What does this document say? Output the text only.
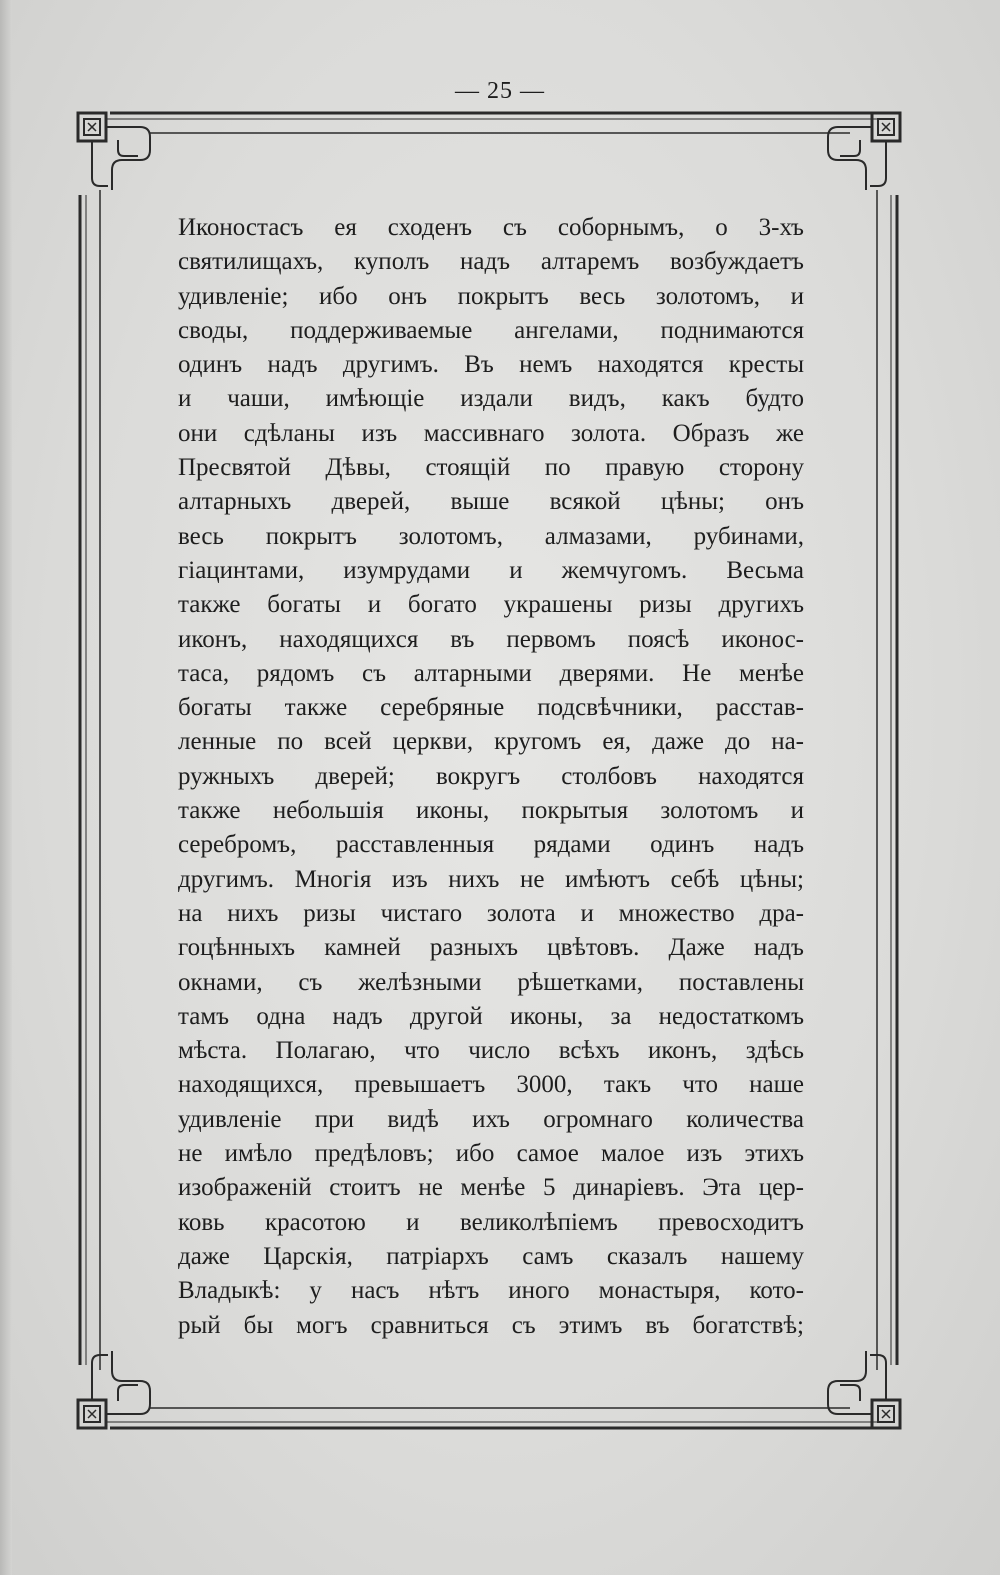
— 25 —
Иконостасъ ея сходенъ съ соборнымъ, о 3-хъ
святилищахъ, куполъ надъ алтаремъ возбуждаетъ
удивленіе; ибо онъ покрытъ весь золотомъ, и
своды, поддерживаемые ангелами, поднимаются
одинъ надъ другимъ. Въ немъ находятся кресты
и чаши, имѣющіе издали видъ, какъ будто
они сдѣланы изъ массивнаго золота. Образъ же
Пресвятой Дѣвы, стоящій по правую сторону
алтарныхъ дверей, выше всякой цѣны; онъ
весь покрытъ золотомъ, алмазами, рубинами,
гіацинтами, изумрудами и жемчугомъ. Весьма
также богаты и богато украшены ризы другихъ
иконъ, находящихся въ первомъ поясѣ иконос-
таса, рядомъ съ алтарными дверями. Не менѣе
богаты также серебряные подсвѣчники, расстав-
ленные по всей церкви, кругомъ ея, даже до на-
ружныхъ дверей; вокругъ столбовъ находятся
также небольшія иконы, покрытыя золотомъ и
серебромъ, расставленныя рядами одинъ надъ
другимъ. Многія изъ нихъ не имѣютъ себѣ цѣны;
на нихъ ризы чистаго золота и множество дра-
гоцѣнныхъ камней разныхъ цвѣтовъ. Даже надъ
окнами, съ желѣзными рѣшетками, поставлены
тамъ одна надъ другой иконы, за недостаткомъ
мѣста. Полагаю, что число всѣхъ иконъ, здѣсь
находящихся, превышаетъ 3000, такъ что наше
удивленіе при видѣ ихъ огромнаго количества
не имѣло предѣловъ; ибо самое малое изъ этихъ
изображеній стоитъ не менѣе 5 динаріевъ. Эта цер-
ковь красотою и великолѣпіемъ превосходитъ
даже Царскія, патріархъ самъ сказалъ нашему
Владыкѣ: у насъ нѣтъ иного монастыря, кото-
рый бы могъ сравниться съ этимъ въ богатствѣ;
